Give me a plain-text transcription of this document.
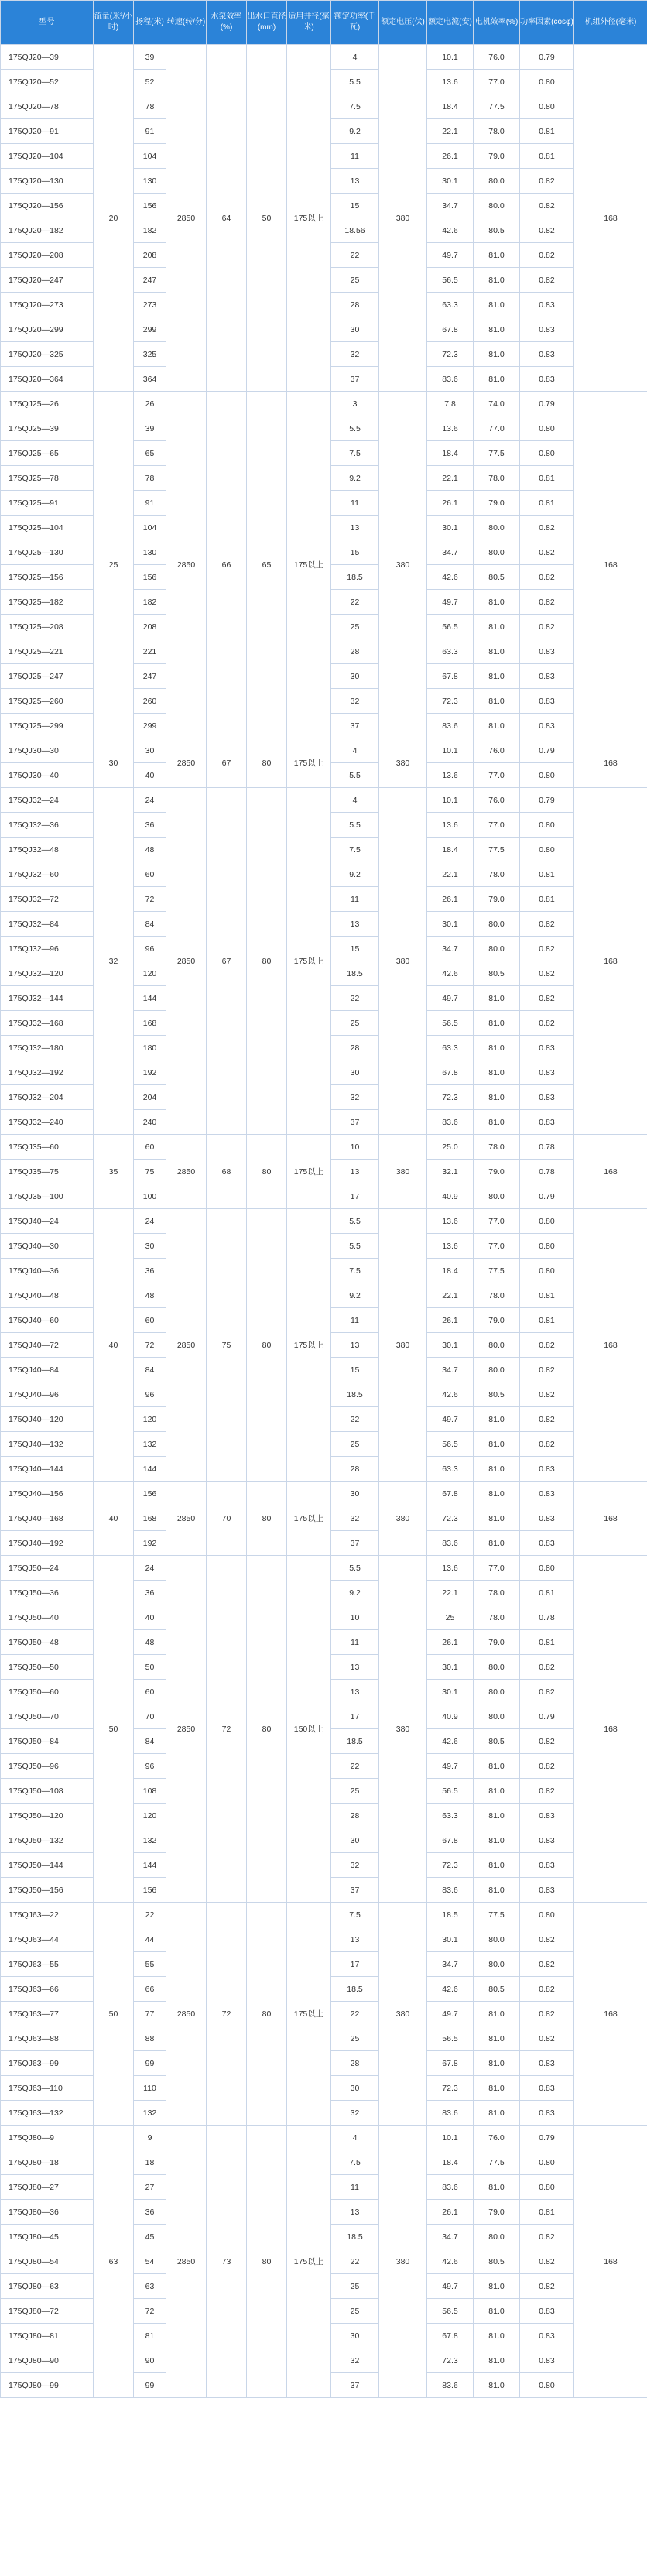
型号	流量(米³/小时)	扬程(米)	转速(转/分)	水泵效率(%)	出水口直径(mm)	适用井径(毫米)	额定功率(千瓦)	额定电压(伏)	额定电流(安)	电机效率(%)	功率因素(cosφ)	机组外径(毫米)
175QJ20—39	20	39	2850	64	50	175以上	4	380	10.1	76.0	0.79	168
175QJ20—52		52					5.5		13.6	77.0	0.80	
175QJ20—78		78					7.5		18.4	77.5	0.80	
175QJ20—91		91					9.2		22.1	78.0	0.81	
175QJ20—104		104					11		26.1	79.0	0.81	
175QJ20—130		130					13		30.1	80.0	0.82	
175QJ20—156		156					15		34.7	80.0	0.82	
175QJ20—182		182					18.56		42.6	80.5	0.82	
175QJ20—208		208					22		49.7	81.0	0.82	
175QJ20—247		247					25		56.5	81.0	0.82	
175QJ20—273		273					28		63.3	81.0	0.83	
175QJ20—299		299					30		67.8	81.0	0.83	
175QJ20—325		325					32		72.3	81.0	0.83	
175QJ20—364		364					37		83.6	81.0	0.83	
175QJ25—26	25	26	2850	66	65	175以上	3	380	7.8	74.0	0.79	168
175QJ25—39		39					5.5		13.6	77.0	0.80	
175QJ25—65		65					7.5		18.4	77.5	0.80	
175QJ25—78		78					9.2		22.1	78.0	0.81	
175QJ25—91		91					11		26.1	79.0	0.81	
175QJ25—104		104					13		30.1	80.0	0.82	
175QJ25—130		130					15		34.7	80.0	0.82	
175QJ25—156		156					18.5		42.6	80.5	0.82	
175QJ25—182		182					22		49.7	81.0	0.82	
175QJ25—208		208					25		56.5	81.0	0.82	
175QJ25—221		221					28		63.3	81.0	0.83	
175QJ25—247		247					30		67.8	81.0	0.83	
175QJ25—260		260					32		72.3	81.0	0.83	
175QJ25—299		299					37		83.6	81.0	0.83	
175QJ30—30	30	30	2850	67	80	175以上	4	380	10.1	76.0	0.79	168
175QJ30—40		40					5.5		13.6	77.0	0.80	
175QJ32—24	32	24	2850	67	80	175以上	4	380	10.1	76.0	0.79	168
175QJ32—36		36					5.5		13.6	77.0	0.80	
175QJ32—48		48					7.5		18.4	77.5	0.80	
175QJ32—60		60					9.2		22.1	78.0	0.81	
175QJ32—72		72					11		26.1	79.0	0.81	
175QJ32—84		84					13		30.1	80.0	0.82	
175QJ32—96		96					15		34.7	80.0	0.82	
175QJ32—120		120					18.5		42.6	80.5	0.82	
175QJ32—144		144					22		49.7	81.0	0.82	
175QJ32—168		168					25		56.5	81.0	0.82	
175QJ32—180		180					28		63.3	81.0	0.83	
175QJ32—192		192					30		67.8	81.0	0.83	
175QJ32—204		204					32		72.3	81.0	0.83	
175QJ32—240		240					37		83.6	81.0	0.83	
175QJ35—60	35	60	2850	68	80	175以上	10	380	25.0	78.0	0.78	168
175QJ35—75		75					13		32.1	79.0	0.78	
175QJ35—100		100					17		40.9	80.0	0.79	
175QJ40—24	40	24	2850	75	80	175以上	5.5	380	13.6	77.0	0.80	168
175QJ40—30		30					5.5		13.6	77.0	0.80	
175QJ40—36		36					7.5		18.4	77.5	0.80	
175QJ40—48		48					9.2		22.1	78.0	0.81	
175QJ40—60		60					11		26.1	79.0	0.81	
175QJ40—72		72					13		30.1	80.0	0.82	
175QJ40—84		84					15		34.7	80.0	0.82	
175QJ40—96		96					18.5		42.6	80.5	0.82	
175QJ40—120		120					22		49.7	81.0	0.82	
175QJ40—132		132					25		56.5	81.0	0.82	
175QJ40—144		144					28		63.3	81.0	0.83	
175QJ40—156	40	156	2850	70	80	175以上	30	380	67.8	81.0	0.83	168
175QJ40—168		168					32		72.3	81.0	0.83	
175QJ40—192		192					37		83.6	81.0	0.83	
175QJ50—24	50	24	2850	72	80	150以上	5.5	380	13.6	77.0	0.80	168
175QJ50—36		36					9.2		22.1	78.0	0.81	
175QJ50—40		40					10		25	78.0	0.78	
175QJ50—48		48					11		26.1	79.0	0.81	
175QJ50—50		50					13		30.1	80.0	0.82	
175QJ50—60		60					13		30.1	80.0	0.82	
175QJ50—70		70					17		40.9	80.0	0.79	
175QJ50—84		84					18.5		42.6	80.5	0.82	
175QJ50—96		96					22		49.7	81.0	0.82	
175QJ50—108		108					25		56.5	81.0	0.82	
175QJ50—120		120					28		63.3	81.0	0.83	
175QJ50—132		132					30		67.8	81.0	0.83	
175QJ50—144		144					32		72.3	81.0	0.83	
175QJ50—156		156					37		83.6	81.0	0.83	
175QJ63—22	50	22	2850	72	80	175以上	7.5	380	18.5	77.5	0.80	168
175QJ63—44		44					13		30.1	80.0	0.82	
175QJ63—55		55					17		34.7	80.0	0.82	
175QJ63—66		66					18.5		42.6	80.5	0.82	
175QJ63—77		77					22		49.7	81.0	0.82	
175QJ63—88		88					25		56.5	81.0	0.82	
175QJ63—99		99					28		67.8	81.0	0.83	
175QJ63—110		110					30		72.3	81.0	0.83	
175QJ63—132		132					32		83.6	81.0	0.83	
175QJ80—9	63	9	2850	73	80	175以上	4	380	10.1	76.0	0.79	168
175QJ80—18		18					7.5		18.4	77.5	0.80	
175QJ80—27		27					11		83.6	81.0	0.80	
175QJ80—36		36					13		26.1	79.0	0.81	
175QJ80—45		45					18.5		34.7	80.0	0.82	
175QJ80—54		54					22		42.6	80.5	0.82	
175QJ80—63		63					25		49.7	81.0	0.82	
175QJ80—72		72					25		56.5	81.0	0.83	
175QJ80—81		81					30		67.8	81.0	0.83	
175QJ80—90		90					32		72.3	81.0	0.83	
175QJ80—99		99					37		83.6	81.0	0.80	
